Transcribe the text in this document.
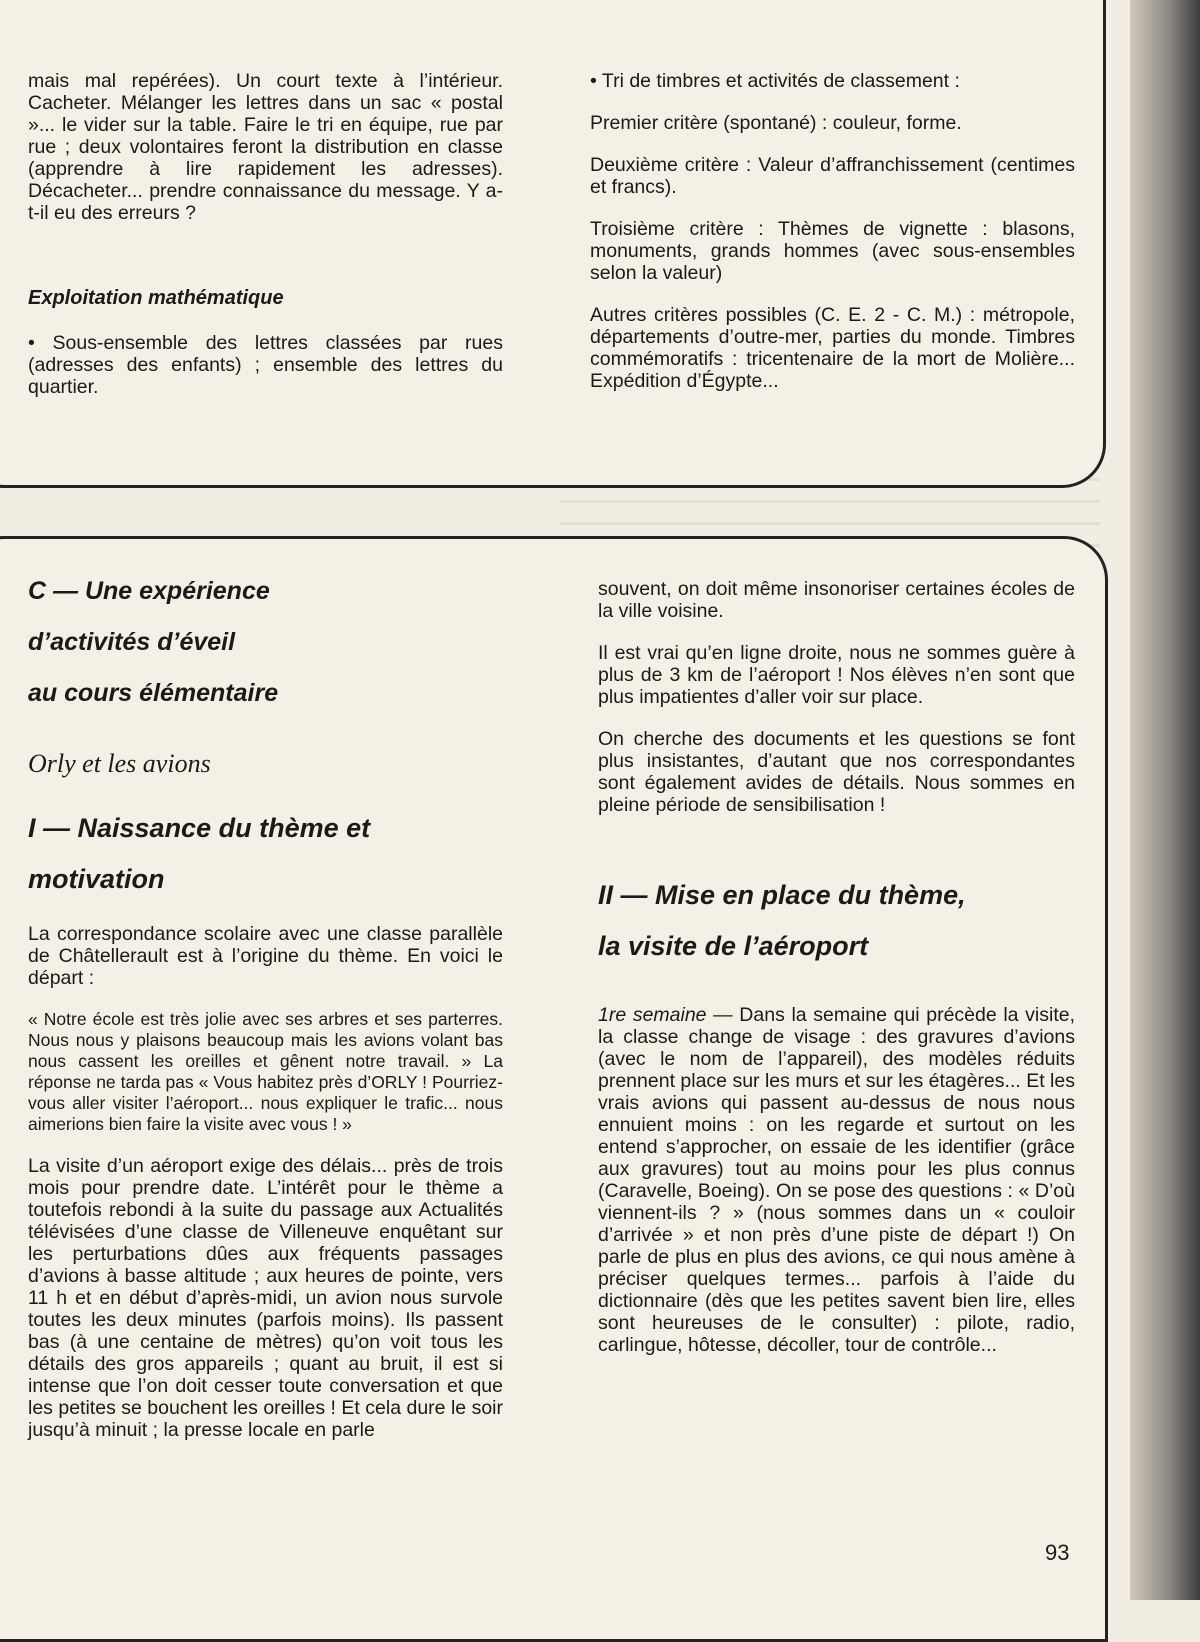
mais mal repérées). Un court texte à l’intérieur. Cacheter. Mélanger les lettres dans un sac « postal »... le vider sur la table. Faire le tri en équipe, rue par rue ; deux volontaires feront la distribution en classe (apprendre à lire rapidement les adresses). Décacheter... prendre connaissance du message. Y a-t-il eu des erreurs ?

Exploitation mathématique

• Sous-ensemble des lettres classées par rues (adresses des enfants) ; ensemble des lettres du quartier.

• Tri de timbres et activités de classement :

Premier critère (spontané) : couleur, forme.

Deuxième critère : Valeur d’affranchissement (centimes et francs).

Troisième critère : Thèmes de vignette : blasons, monuments, grands hommes (avec sous-ensembles selon la valeur)

Autres critères possibles (C. E. 2 - C. M.) : métropole, départements d’outre-mer, parties du monde. Timbres commémoratifs : tricentenaire de la mort de Molière... Expédition d’Égypte...

C — Une expérience

d’activités d’éveil

au cours élémentaire

Orly et les avions

I — Naissance du thème et

motivation

La correspondance scolaire avec une classe parallèle de Châtellerault est à l’origine du thème. En voici le départ :

« Notre école est très jolie avec ses arbres et ses parterres. Nous nous y plaisons beaucoup mais les avions volant bas nous cassent les oreilles et gênent notre travail. » La réponse ne tarda pas « Vous habitez près d’ORLY ! Pourriez-vous aller visiter l’aéroport... nous expliquer le trafic... nous aimerions bien faire la visite avec vous ! »

La visite d’un aéroport exige des délais... près de trois mois pour prendre date. L’intérêt pour le thème a toutefois rebondi à la suite du passage aux Actualités télévisées d’une classe de Villeneuve enquêtant sur les perturbations dûes aux fréquents passages d’avions à basse altitude ; aux heures de pointe, vers 11 h et en début d’après-midi, un avion nous survole toutes les deux minutes (parfois moins). Ils passent bas (à une centaine de mètres) qu’on voit tous les détails des gros appareils ; quant au bruit, il est si intense que l’on doit cesser toute conversation et que les petites se bouchent les oreilles ! Et cela dure le soir jusqu’à minuit ; la presse locale en parle

souvent, on doit même insonoriser certaines écoles de la ville voisine.

Il est vrai qu’en ligne droite, nous ne sommes guère à plus de 3 km de l’aéroport ! Nos élèves n’en sont que plus impatientes d’aller voir sur place.

On cherche des documents et les questions se font plus insistantes, d’autant que nos correspondantes sont également avides de détails. Nous sommes en pleine période de sensibilisation !

II — Mise en place du thème,

la visite de l’aéroport

1re semaine — Dans la semaine qui précède la visite, la classe change de visage : des gravures d’avions (avec le nom de l’appareil), des modèles réduits prennent place sur les murs et sur les étagères... Et les vrais avions qui passent au-dessus de nous nous ennuient moins : on les regarde et surtout on les entend s’approcher, on essaie de les identifier (grâce aux gravures) tout au moins pour les plus connus (Caravelle, Boeing). On se pose des questions : « D’où viennent-ils ? » (nous sommes dans un « couloir d’arrivée » et non près d’une piste de départ !) On parle de plus en plus des avions, ce qui nous amène à préciser quelques termes... parfois à l’aide du dictionnaire (dès que les petites savent bien lire, elles sont heureuses de le consulter) : pilote, radio, carlingue, hôtesse, décoller, tour de contrôle...

93
